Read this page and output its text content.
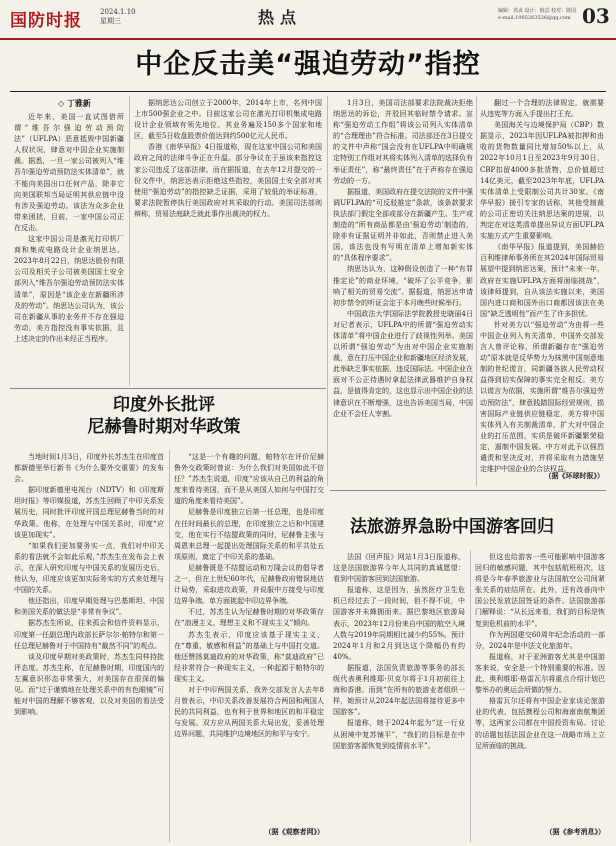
国防时报	2024.1.10
星期三	热点	编辑：邓贞 设计：韩芸 校对：陈园
e-mail:1985263526@qq.com 03
中企反击美“强迫劳动”指控
◇ 丁雅新

近年来，美国一直试图借所谓“维吾尔强迫劳动预防法”（UFLPA）恶意抵毁中国新疆人权状况，肆意对中国企业实施制裁。据悉，一旦一家公司被列入“维吾尔强迫劳动预防法实体清单”，就不能向美国出口任何产品，除非它向美国联邦当局证明其供应链中没有涉及强迫劳动。该法为众多企业带来困扰，目前，一家中国公司正在反击。

这家中国公司是激光打印机厂商和集成电路设计企业纳思达。2023年8月22日，纳思达股份有限公司及相关子公司被美国国土安全部列入“维吾尔强迫劳动预防法实体清单”，原因是“该企业在新疆所涉及的劳动”。纳思达公司认为，该公司在新疆从事的业务并不存在强迫劳动，美方指控没有事实依据，且上述决定的作出未经正当程序。

据纳思达公司创立于2000年，2014年上市，名列中国上市500强企业之中。目前这家公司在激光打印机集成电路设计企业领域有领先地位。其业务遍及150多个国家和地区，截至5日收盘股票价值达到约500亿元人民币。

香港《南华早报》4日报道称，现在这家中国公司和美国政府之间的法律斗争正在升温。部分争议在于虽该来指控这家公司违反了这部法律。而在据报道，在去年12月提交的一份文件中，纳思达表示拒绝这些指控，美国国土安全部对其使用“强迫劳动”的指控缺乏证据，采用了较低的举证标准，要求法院暂停执行美国政府对其采取的行动。美国司法部则辩称，贸易法庭缺乏就此事作出裁决的权力。

1月3日，美国司法部要求法院裁决拒绝纳思达的诉讼，并驳回其临时禁令请求。宣称“强迫劳动工作组”将该公司列入实体清单的“合理理由”符合标准。司法部还在3日提交的文件中声称“国会没有在UFLPA中明确规定特别工作组对其将实体列入清单的选择负有举证责任”，称“最终责任”在于声称存在强迫劳动的一方。

据报道，美国政府在提交法院的文件中强调UFLPA的“可反驳推定”条款，该条款要求执法部门假定全部或部分在新疆产生、生产或制造的“所有商品都是由‘强迫劳动’制造的，除非有证据证明并非如此，否则禁止进入美国，该法也没有写明在清单上增加新实体的“具体程序要求”。

纳思达认为，这种假设创造了一种“有罪推定论”的商业环境，“破坏了公平竞争，影响了相关的贸易交流”。据报道，纳思达申请初步禁令的听证会定于本月晚些时候举行。

中国政法大学国际法学院教授史晓丽4日对记者表示，UFLPA中的所谓“强迫劳动实体清单”将中国企业进行了歧视性列举。美国以所谓“强迫劳动”为由对中国企业实施制裁，意在打压中国企业和新疆地区经济发展，此举缺乏事实依据，违反国际法。中国企业在面对不公正待遇时拿起法律武器维护自身权益，是值得肯定的，这也显示出中国企业的法律意识在不断增强，这也告诉美国当局，中国企业不会任人宰割。

翻过一个合理的法律规定，就需要从违宪等方面入手提出打王充。

美国海关与边境保护局（CBP）数据显示，2023年因UFLPA被扣押和由收的货物数量同比增加50%以上，从2022年10月1日至2023年9月30日，CBP扣留4000多批货物，总价值超过14亿美元，截至2023年年底，UFLPA实体清单上受限制公司共计30家。《南华早报》援引专家的话称，其他受制裁的公司正密切关注纳思达案的进展，以判定在对这类清单提出异议方面UFLPA实施方式产生重要影响。

《南华早报》报道提到，美国赫伯百利维律师事务所在其2024年国际贸易展望中提到纳思达案，预计“未来一年，政府在实施UFLPA方面将面临挑战”，该律师提到，自从该法实施以来，美国国内进口商和国外出口商都因该法在美国“缺乏透明性”而产生了许多担忧。

针对美方以“强迫劳动”为由将一些中国企业列入有关清单，中国外交部发言人曾评论称，所谓新疆存在“强迫劳动”原本就是反华势力为抹黑中国刻意炮制的世纪谎言，同新疆各族人民劳动权益得到切实保障的事实完全相反。美方以谎言为依据，实施所谓“维吾尔强迫劳动预防法”，肆意践踏国际经贸规则，损害国际产业链供应链稳定，美方将中国实体列入有关制裁清单，扩大对中国企业的打压范围，实质是破坏新疆繁荣稳定，遏制中国发展。中方对此予以强烈谴责和坚决反对，并将采取有力措施坚定维护中国企业的合法权益。

（据《环球时报》）

印度外长批评
尼赫鲁时期对华政策

当地时间1月3日，印度外长苏杰生在印度首都新德里举行新书《为什么要外交重要》的发布会。

据印度新德里电视台（NDTV）和《印度斯坦时报》等印媒报道，苏杰生回顾了中印关系发展历史，同时批评印度开国总理尼赫鲁当时的对华政策。他称，在处理与中国关系时，印度“应该更加现实”。

“如果我们更加要务实一点，我们对中印关系的看法就不会如此乐观，”苏杰生在发布会上表示，在深入研究印度与中国关系的发展历史后，他认为，印度应该更加实际务实的方式来处理与中国的关系。

他还指出，印度早期处理与巴基斯坦、中国和美国关系的做法是“非常有争议”。

据苏杰生所说，往来孤会和信件资料显示，印度第一任副总理内政部长萨尔尔·帕特尔和第一任总理尼赫鲁对于中国持有“截然不同”的观点。

谈及印度早期对美政策时，苏杰生同样持批评态度。苏杰生称，在尼赫鲁时期，印度国内的左翼意识形态非常强大，对美国存在很深的偏见。而“过于谨慎地在处理关系中的有色眼镜”可能对中国的理解不够客观，以及对美国的看法受到影响。

“这是一个有趣的问题，帕特尔在评价尼赫鲁外交政策时曾说：为什么我们对美国如此不信任？”苏杰生说道，印度“应该从自己的利益的角度来看待美国，而不是从美国人如何与中国打交道的角度来看待美国”。

尼赫鲁是印度独立后第一任总理，也是印度在任时间最长的总理，在印度独立之后和中国建交，他在实行不结盟政策的同时，尼赫鲁主张与周恩来总理一起提出处理国际关系的和平共处五项原则，奠定了中印关系的基础。

尼赫鲁既是不结盟运动和万隆会议的倡导者之一，但在上世纪60年代，尼赫鲁政府错误地估计局势，采取进攻政策，并说服中方接受与印度边界争端。单方面挑起中印边界争端。

不过，苏杰生认为尼赫鲁时期的对华政策存在“浪漫主义、理想主义和不现实主义”倾向。

苏杰生表示，印度应该基于现实主义，在“尊重、敏感和利益”的基础上与中国打交道。他还赞扬莫迪政府的对华政策，称“莫迪政府”已经非常符合一种现实主义，一种起源于帕特尔的现实主义。

对于中印两国关系，我外交部发言人去年8月曾表示，中印关系改善发展符合两国和两国人民的共同利益，也有利于世界和地区的和平稳定与发展。双方应从两国关系大局出发，妥善处理边界问题，共同维护边境地区的和平与安宁。

（据《观察者网》）

法旅游界急盼中国游客回归

法国《回声报》网站1月3日报道称，这是法国旅游界今年人共同的真诚愿望：看到中国游客回到法国旅游。

报道称，这是因为，虽然医疗卫生危机已经过去了一段时间，但不得不说，中国游客并未蜂拥而来。据巴黎地区旅游局表示，2023年12月份来自中国的航空入境人数与2019年同期相比减少约55%。预计2024年1月和2月到达这个降幅仍有约40%。

据报道，法国负责旅游等事务的部长级代表奥利维耶·贝克尔将于1月初前往上海和香港。而到“在所有的旅游业者组织一样，她预计从2024年起法国将接待更多中国游客”。

报道称，她于2024年起为“这一行业从困境中复苏铺平”，“我们的目标是在中国旅游客源恢复到疫情前水平”。

但这也给游客一些可能影响中国游客回归的敏感问题，其中包括航班班次，这将是今年春季旅游业与法国航空公司间紧张关系的症结所在。此外，还有改善向中国公民发放法国签证的条件。法国旅游部门解释说：“从长远来看，我们的目标是恢复到危机前的水平”。

作为两国建交60周年纪念活动的一部分，2024年是中法文化旅游年。

报道称，对于亚洲游客尤其是中国游客来说，安全是一个特别重要的标准。因此，奥利维耶·格雷瓦尔将重点介绍计划巴黎举办的奥运会所做的努力。

格雷瓦尔还将有中国企业家谈论旅游业的代表，包括携程公司和海南南航集团等，这两家公司都在中国投资布局。讨论的话题包括法国企业在这一战略市场上立足所面临的挑战。

（据《参考消息》）
